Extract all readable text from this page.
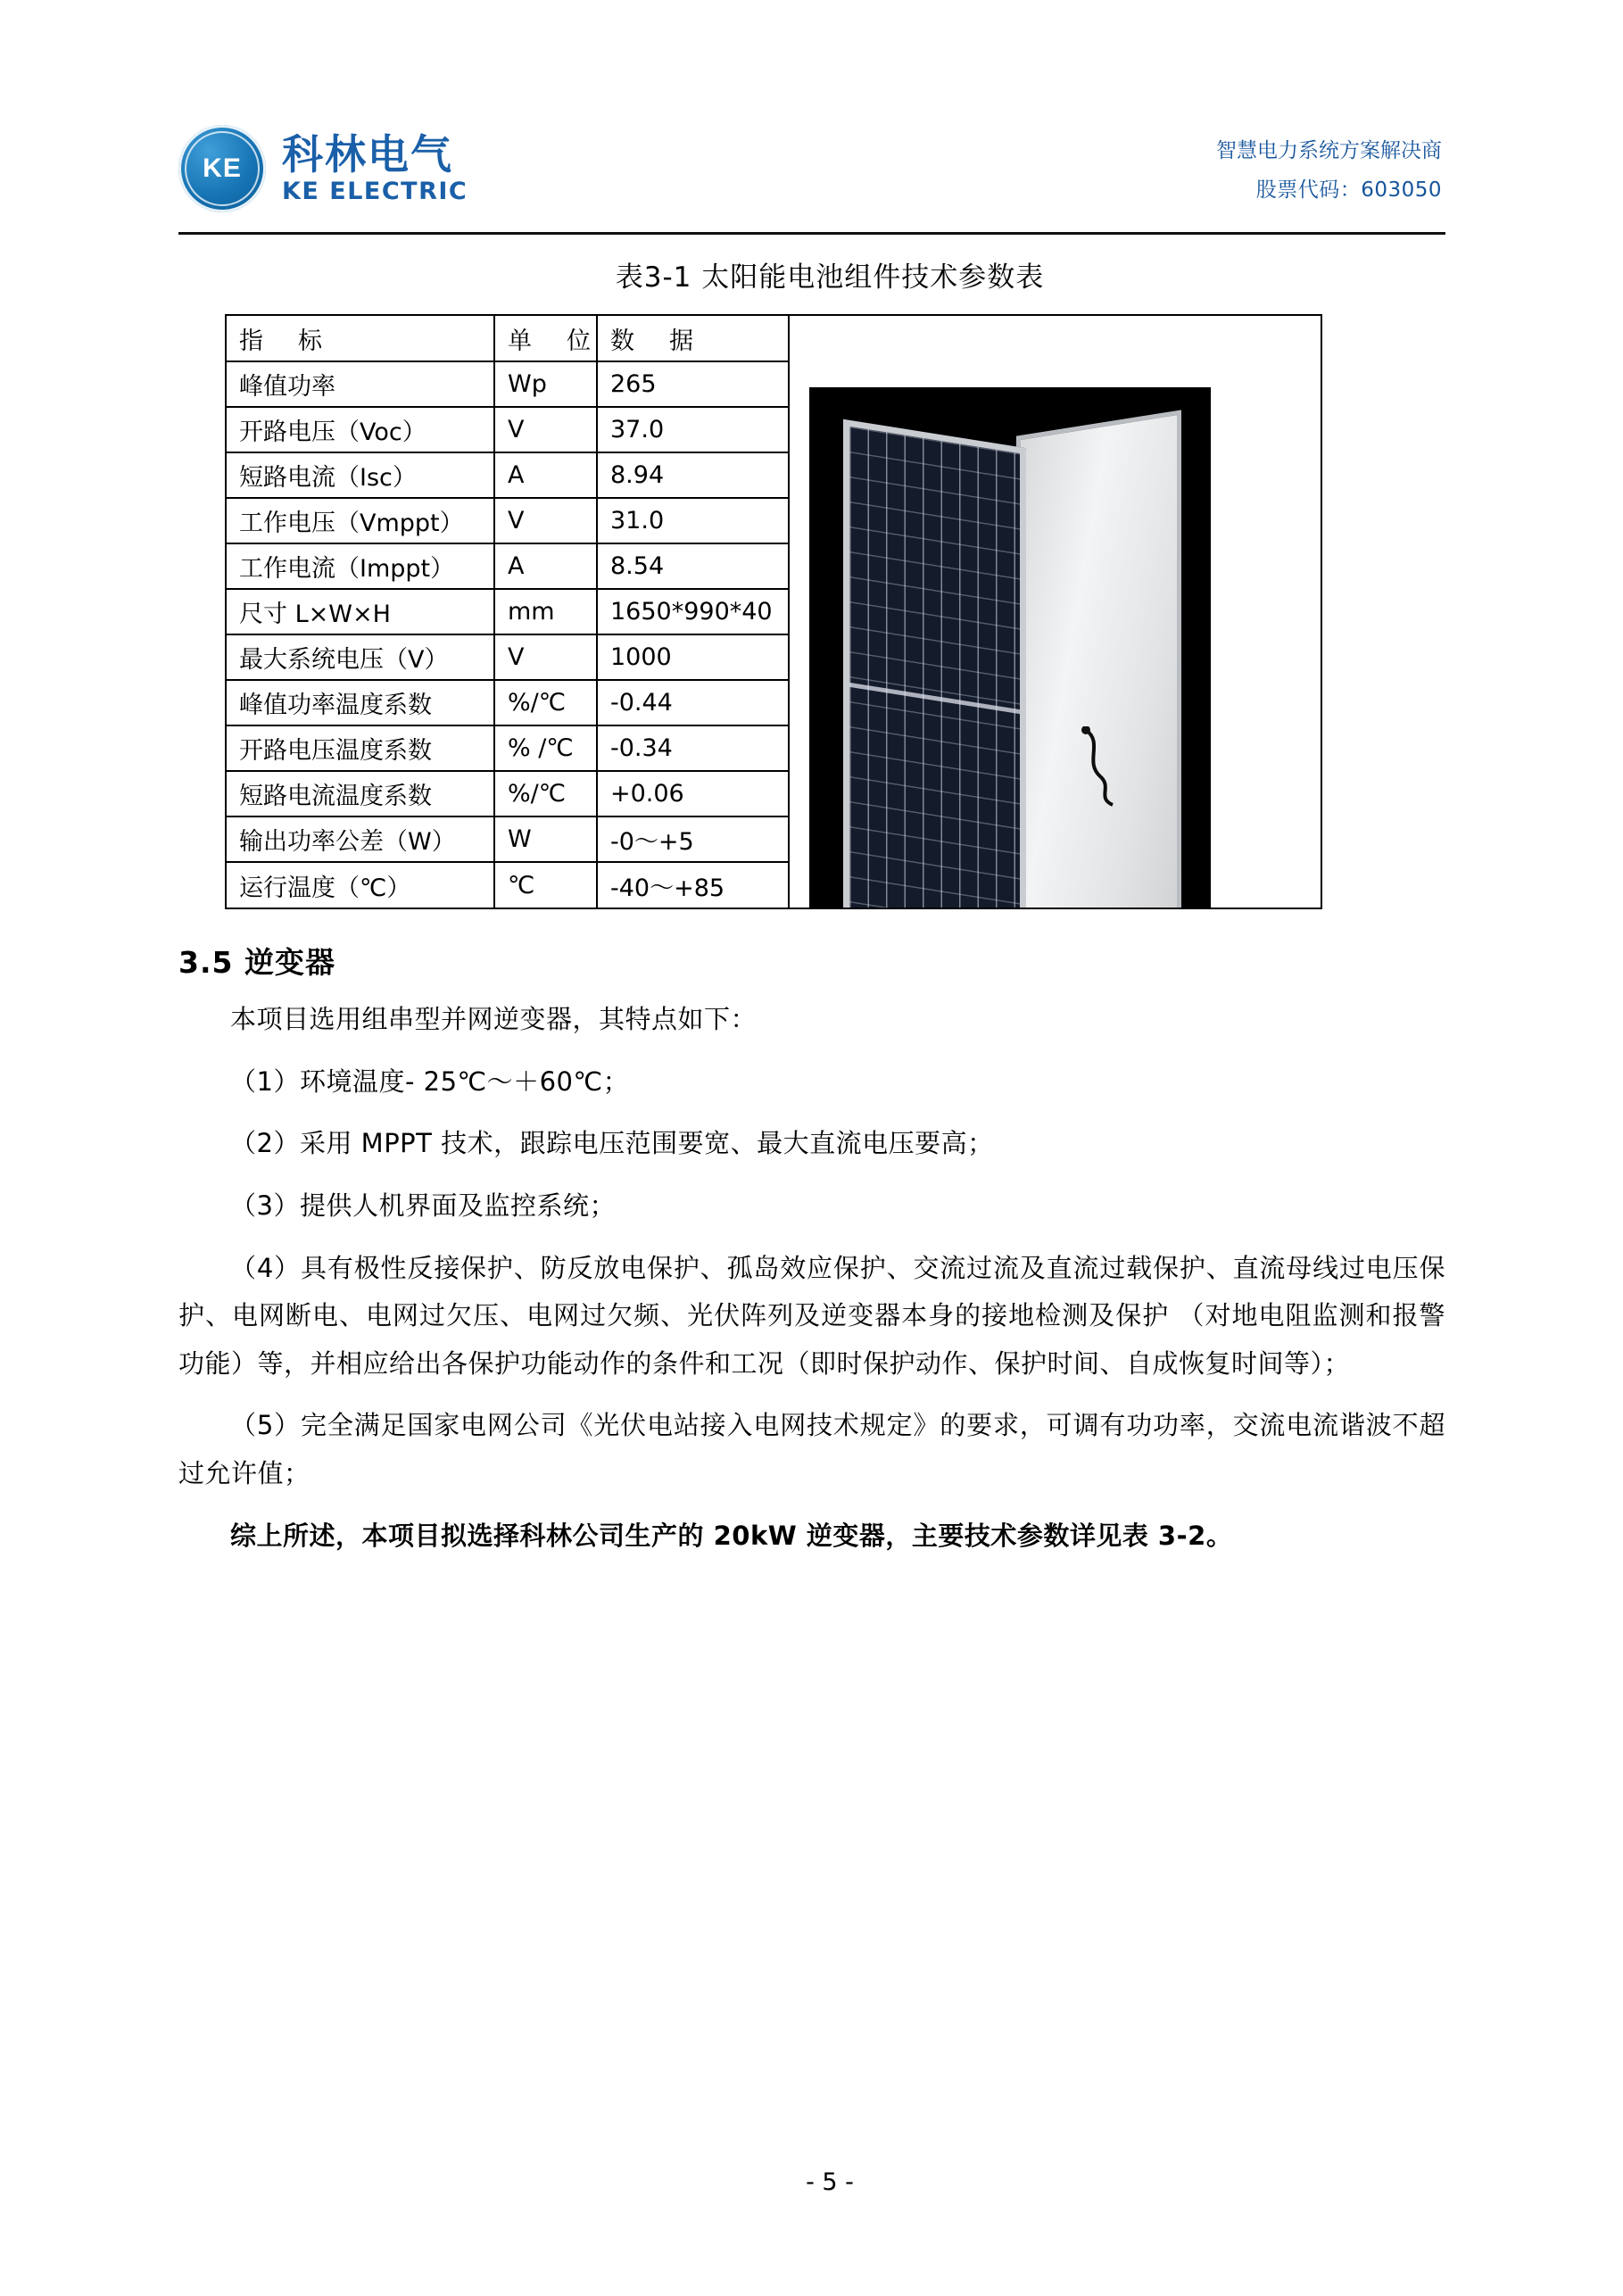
KE 科林电气
KE ELECTRIC
智慧电力系统方案解决商
股票代码：603050
表3-1 太阳能电池组件技术参数表
指　标	单　位	数　据
峰值功率	Wp	265
开路电压（Voc）	V	37.0
短路电流（Isc）	A	8.94
工作电压（Vmppt）	V	31.0
工作电流（Imppt）	A	8.54
尺寸 L×W×H	mm	1650*990*40
最大系统电压（V）	V	1000
峰值功率温度系数	%/℃	-0.44
开路电压温度系数	% /℃	-0.34
短路电流温度系数	%/℃	+0.06
输出功率公差（W）	W	-0～+5
运行温度（℃）	℃	-40～+85
3.5 逆变器

本项目选用组串型并网逆变器，其特点如下：

（1）环境温度- 25℃～＋60℃；

（2）采用 MPPT 技术，跟踪电压范围要宽、最大直流电压要高；

（3）提供人机界面及监控系统；

（4）具有极性反接保护、防反放电保护、孤岛效应保护、交流过流及直流过载保护、直流母线过电压保护、电网断电、电网过欠压、电网过欠频、光伏阵列及逆变器本身的接地检测及保护 （对地电阻监测和报警功能）等，并相应给出各保护功能动作的条件和工况（即时保护动作、保护时间、自成恢复时间等）；

（5）完全满足国家电网公司《光伏电站接入电网技术规定》的要求，可调有功功率，交流电流谐波不超过允许值；

综上所述，本项目拟选择科林公司生产的 20kW 逆变器，主要技术参数详见表 3-2。

- 5 -
